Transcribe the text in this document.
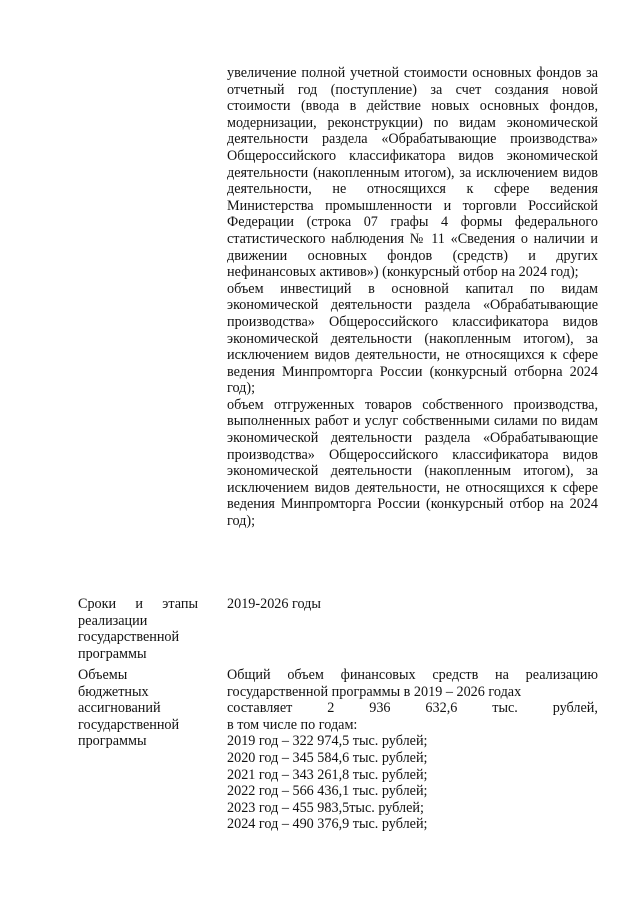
увеличение полной учетной стоимости основных фондов за отчетный год (поступление) за счет создания новой стоимости (ввода в действие новых основных фондов, модернизации, реконструкции) по видам экономической деятельности раздела «Обрабатывающие производства» Общероссийского классификатора видов экономической деятельности (накопленным итогом), за исключением видов деятельности, не относящихся к сфере ведения Министерства промышленности и торговли Российской Федерации (строка 07 графы 4 формы федерального статистического наблюдения № 11 «Сведения о наличии и движении основных фондов (средств) и других нефинансовых активов») (конкурсный отбор на 2024 год);

объем инвестиций в основной капитал по видам экономической деятельности раздела «Обрабатывающие производства» Общероссийского классификатора видов экономической деятельности (накопленным итогом), за исключением видов деятельности, не относящихся к сфере ведения Минпромторга России (конкурсный отборна 2024 год);

объем отгруженных товаров собственного производства, выполненных работ и услуг собственными силами по видам экономической деятельности раздела «Обрабатывающие производства» Общероссийского классификатора видов экономической деятельности (накопленным итогом), за исключением видов деятельности, не относящихся к сфере ведения Минпромторга России (конкурсный отбор на 2024 год);

Сроки и этапы реализации государственной программы
2019-2026 годы
Объемы бюджетных ассигнований государственной программы

Общий объем финансовых средств на реализацию государственной программы в 2019 – 2026 годах

составляет 2 936 632,6 тыс. рублей,

в том числе по годам:

2019 год – 322 974,5 тыс. рублей;

2020 год – 345 584,6 тыс. рублей;

2021 год – 343 261,8 тыс. рублей;

2022 год – 566 436,1 тыс. рублей;

2023 год – 455 983,5тыс. рублей;

2024 год – 490 376,9 тыс. рублей;
